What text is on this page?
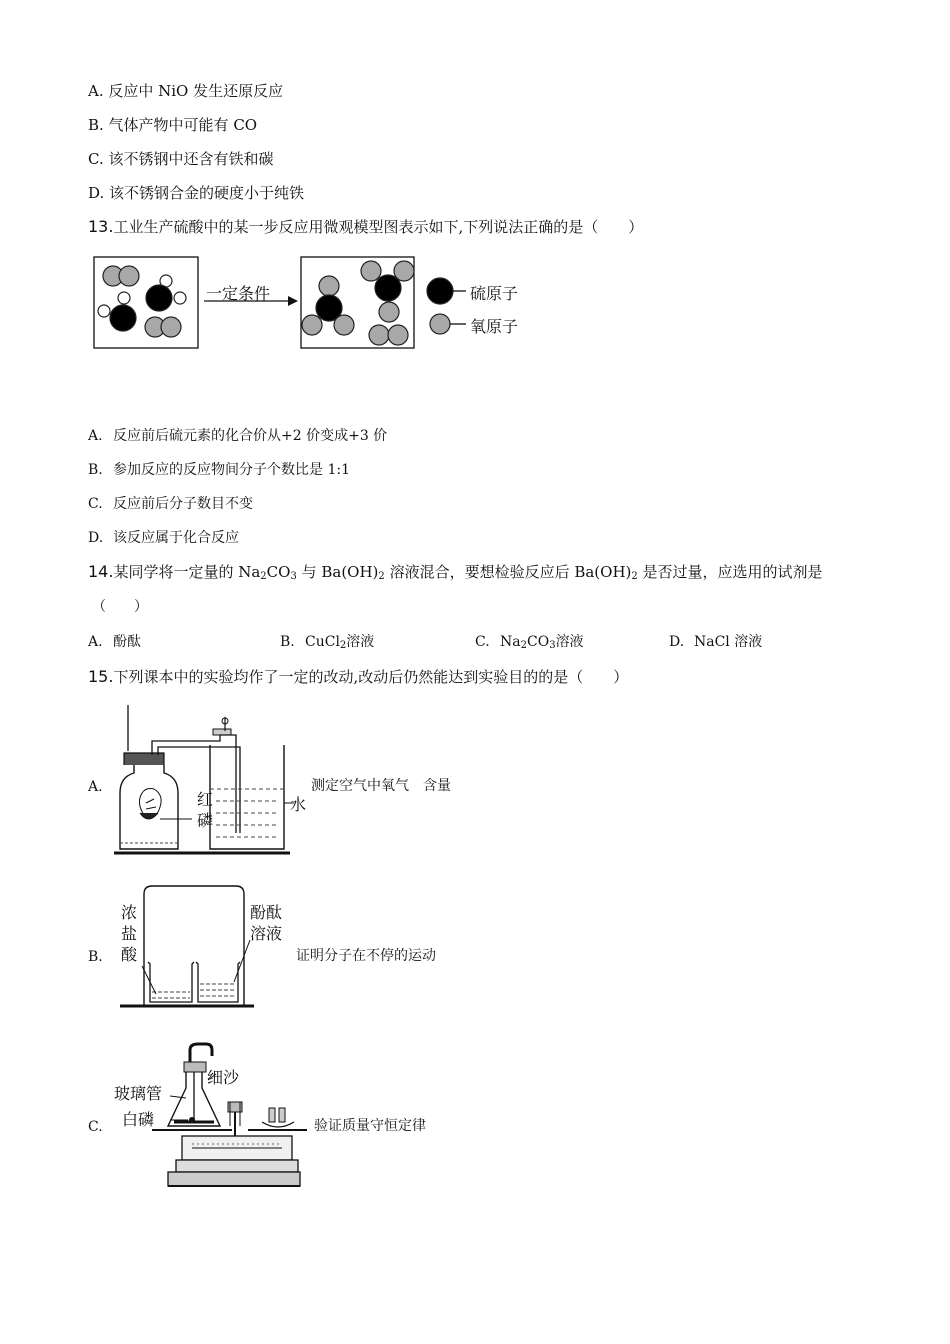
A. 反应中 NiO 发生还原反应
B. 气体产物中可能有 CO
C. 该不锈钢中还含有铁和碳
D. 该不锈钢合金的硬度小于纯铁
13.工业生产硫酸中的某一步反应用微观模型图表示如下,下列说法正确的是（　　）
一定条件	硫原子
氧原子
A. 反应前后硫元素的化合价从+2 价变成+3 价
B. 参加反应的反应物间分子个数比是 1:1
C. 反应前后分子数目不变
D. 该反应属于化合反应
14.某同学将一定量的 $Na_2CO_3$ 与 $Ba(OH)_2$ 溶液混合，要想检验反应后 $Ba(OH)_2$ 是否过量，应选用的试剂是
（　　）
A. 酚酞	B. CuCl$_2$溶液	C. $Na_2CO_3$溶液	D. NaCl 溶液
15.下列课本中的实验均作了一定的改动,改动后仍然能达到实验目的的是（　　）
A.
红
磷
水
测定空气中氧气　含量
B.
浓
盐
酸
酚酞
溶液
证明分子在不停的运动
C.
细沙
玻璃管
白磷	验证质量守恒定律
